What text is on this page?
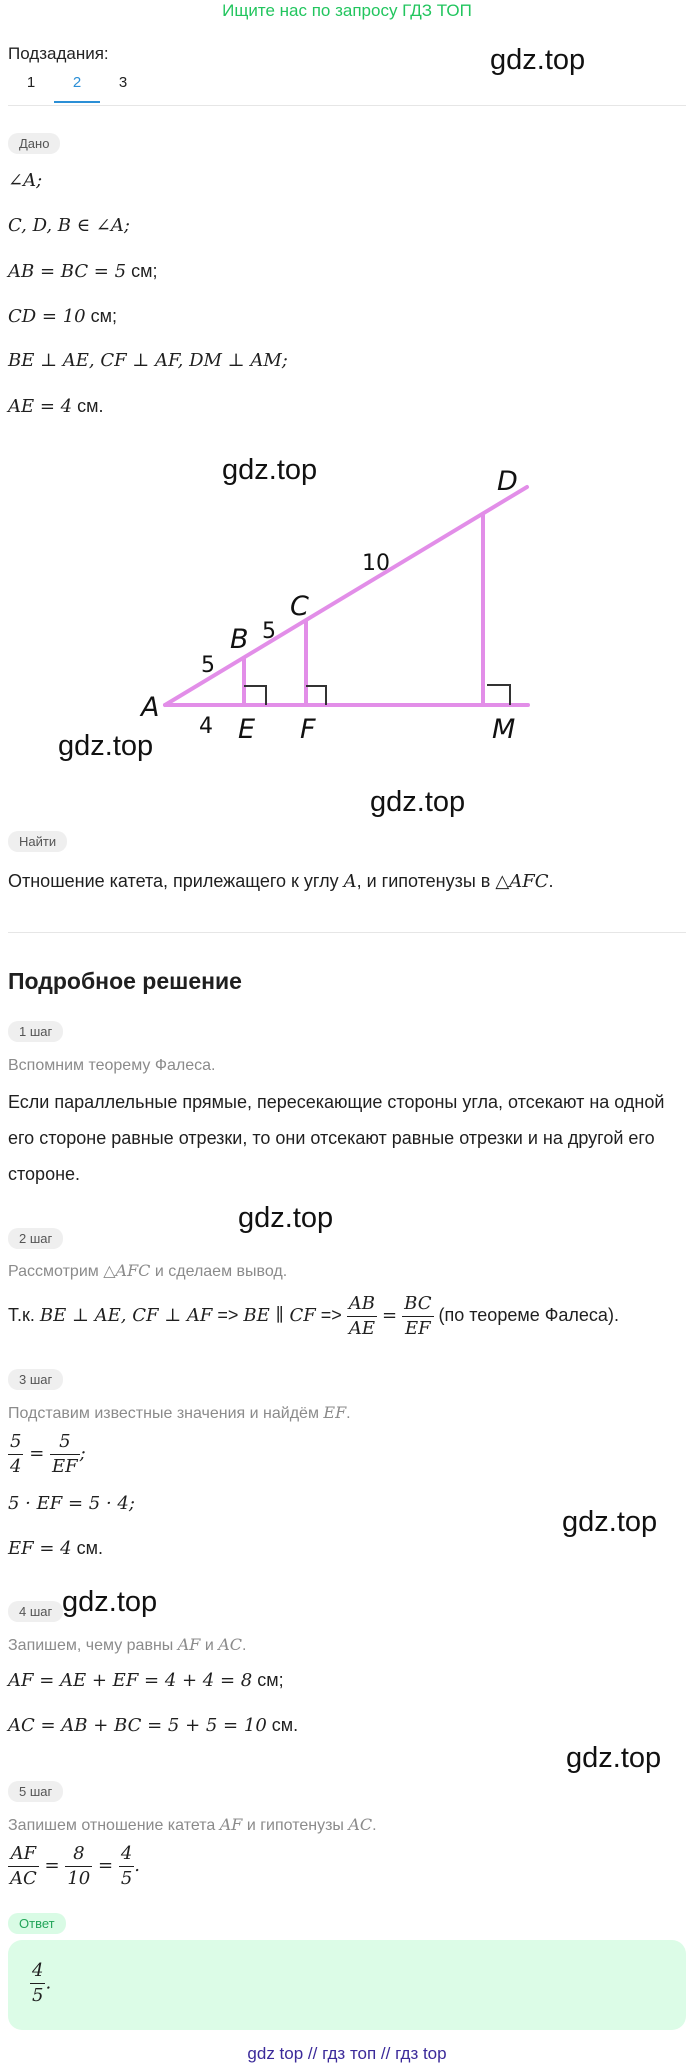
Ищите нас по запросу ГДЗ ТОП
Подзадания:	gdz.top
1	2	3
Дано
∠A;
C, D, B ∈ ∠A;
AB = BC = 5 см;
CD = 10 см;
BE ⊥ AE, CF ⊥ AF, DM ⊥ AM;
AE = 4 см.
A
B
C
D
E F	M
5
5
10
4
gdz.top
gdz.top
gdz.top
Найти
Отношение катета, прилежащего к углу A, и гипотенузы в △AFC.
Подробное решение
1 шаг
Вспомним теорему Фалеса.
Если параллельные прямые, пересекающие стороны угла, отсекают на одной его стороне равные отрезки, то они отсекают равные отрезки и на другой его стороне.
gdz.top
2 шаг
Рассмотрим △AFC и сделаем вывод.
Т.к. BE ⊥ AE, CF ⊥ AF => BE ∥ CF => $\frac{AB}{AE} = \frac{BC}{EF} (по$ теореме Фалеса).
3 шаг
Подставим известные значения и найдём EF.
$\frac{5}{4} = \frac{5}{EF}$ ;
5 · EF = 5 · 4;
EF = 4 см.
gdz.top
4 шаг gdz.top
Запишем, чему равны AF и AC.
AF = AE + EF = 4 + 4 = 8 см;
AC = AB + BC = 5 + 5 = 10 см.
gdz.top
5 шаг
Запишем отношение катета AF и гипотенузы AC.
$\frac{AF}{AC} = \frac{8}{10} = \frac{4}{5}$ .
Ответ
$\frac{4}{5}$ .
gdz top // гдз топ // гдз top
